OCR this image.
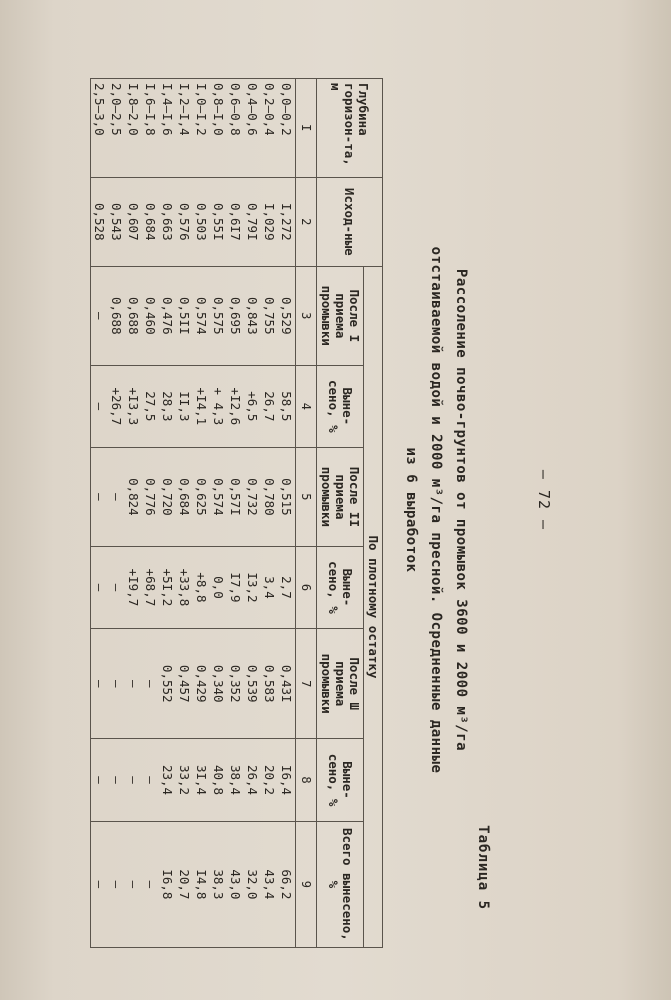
– 72 –
Таблица 5
Рассоление почво-грунтов от промывок 3600 и 2000 м³/га
отстаиваемой водой и 2000 м³/га пресной. Осредненные данные
из 6 выработок
Глубина горизон-та, м	Исход-ные	По плотному остатку						
		После I приема промывки	Выне-сено, %	После II приема промывки	Выне-сено, %	После Ш приема промывки	Выне-сено, %	Всего вынесено, %
I	2	3	4	5	6	7	8	9
0,0–0,2	I,272	0,529	58,5	0,515	2,7	0,43I	I6,4	66,2
0,2–0,4	I,029	0,755	26,7	0,780	3,4	0,583	20,2	43,4
0,4–0,6	0,79I	0,843	+6,5	0,732	I3,2	0,539	26,4	32,0
0,6–0,8	0,6I7	0,695	+I2,6	0,57I	I7,9	0,352	38,4	43,0
0,8–I,0	0,55I	0,575	+ 4,3	0,574	0,0	0,340	40,8	38,3
I,0–I,2	0,503	0,574	+I4,1	0,625	+8,8	0,429	3I,4	I4,8
I,2–I,4	0,576	0,5II	II,3	0,684	+33,8	0,457	33,2	20,7
I,4–I,6	0,663	0,476	28,3	0,720	+5I,2	0,552	23,4	I6,8
I,6–I,8	0,684	0,460	27,5	0,776	+68,7	–	–	–
I,8–2,0	0,607	0,688	+I3,3	0,824	+I9,7	–	–	–
2,0–2,5	0,543	0,688	+26,7	–	–	–	–	–
2,5–3,0	0,528	–	–	–	–	–	–	–
